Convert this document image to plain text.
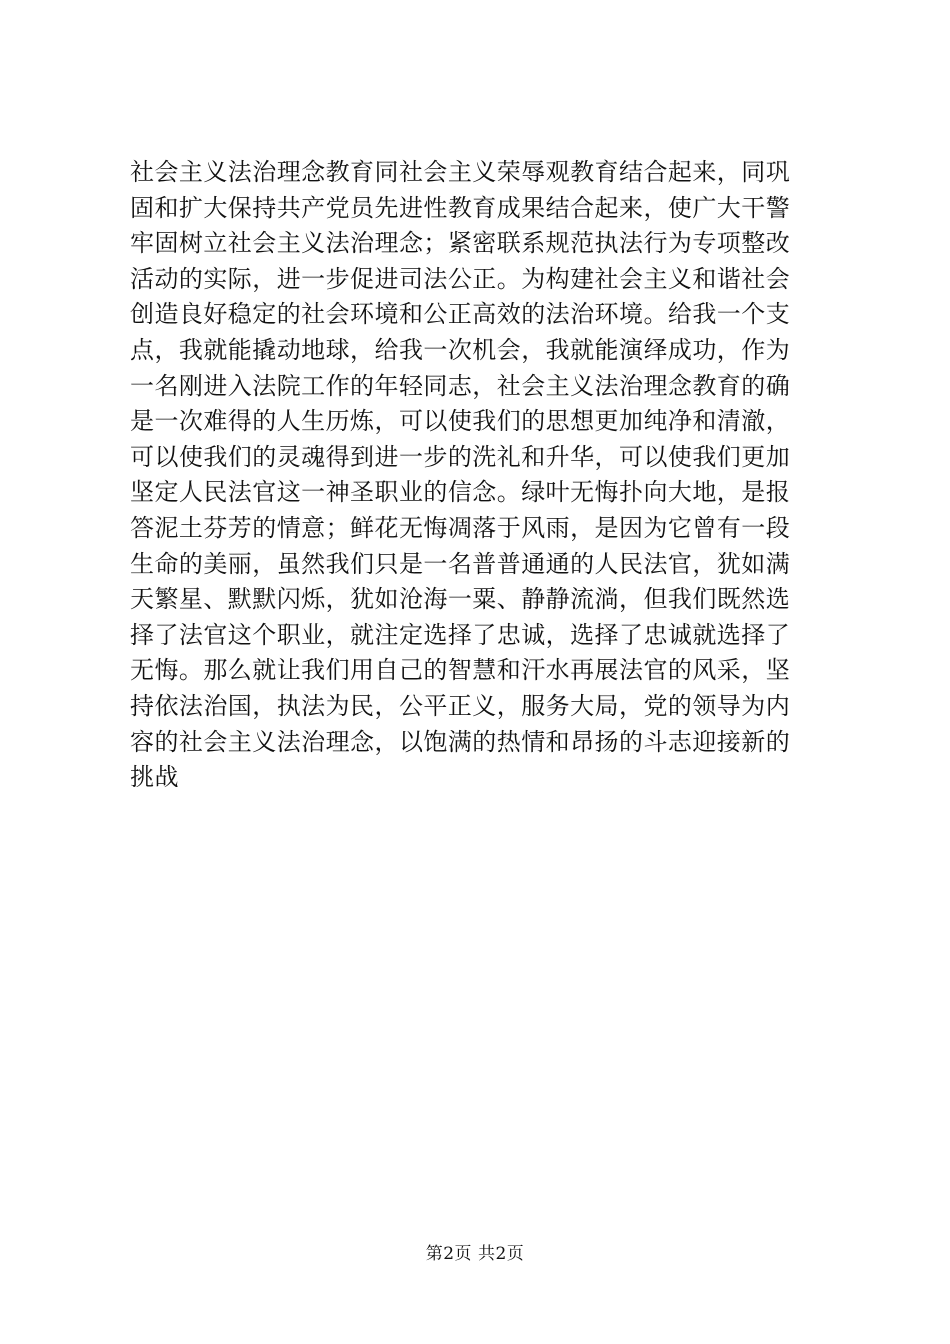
社会主义法治理念教育同社会主义荣辱观教育结合起来，同巩
固和扩大保持共产党员先进性教育成果结合起来，使广大干警
牢固树立社会主义法治理念；紧密联系规范执法行为专项整改
活动的实际，进一步促进司法公正。为构建社会主义和谐社会
创造良好稳定的社会环境和公正高效的法治环境。给我一个支
点，我就能撬动地球，给我一次机会，我就能演绎成功，作为
一名刚进入法院工作的年轻同志，社会主义法治理念教育的确
是一次难得的人生历炼，可以使我们的思想更加纯净和清澈，
可以使我们的灵魂得到进一步的洗礼和升华，可以使我们更加
坚定人民法官这一神圣职业的信念。绿叶无悔扑向大地，是报
答泥土芬芳的情意；鲜花无悔凋落于风雨，是因为它曾有一段
生命的美丽，虽然我们只是一名普普通通的人民法官，犹如满
天繁星、默默闪烁，犹如沧海一粟、静静流淌，但我们既然选
择了法官这个职业，就注定选择了忠诚，选择了忠诚就选择了
无悔。那么就让我们用自己的智慧和汗水再展法官的风采，坚
持依法治国，执法为民，公平正义，服务大局，党的领导为内
容的社会主义法治理念，以饱满的热情和昂扬的斗志迎接新的
挑战
第2页 共2页
